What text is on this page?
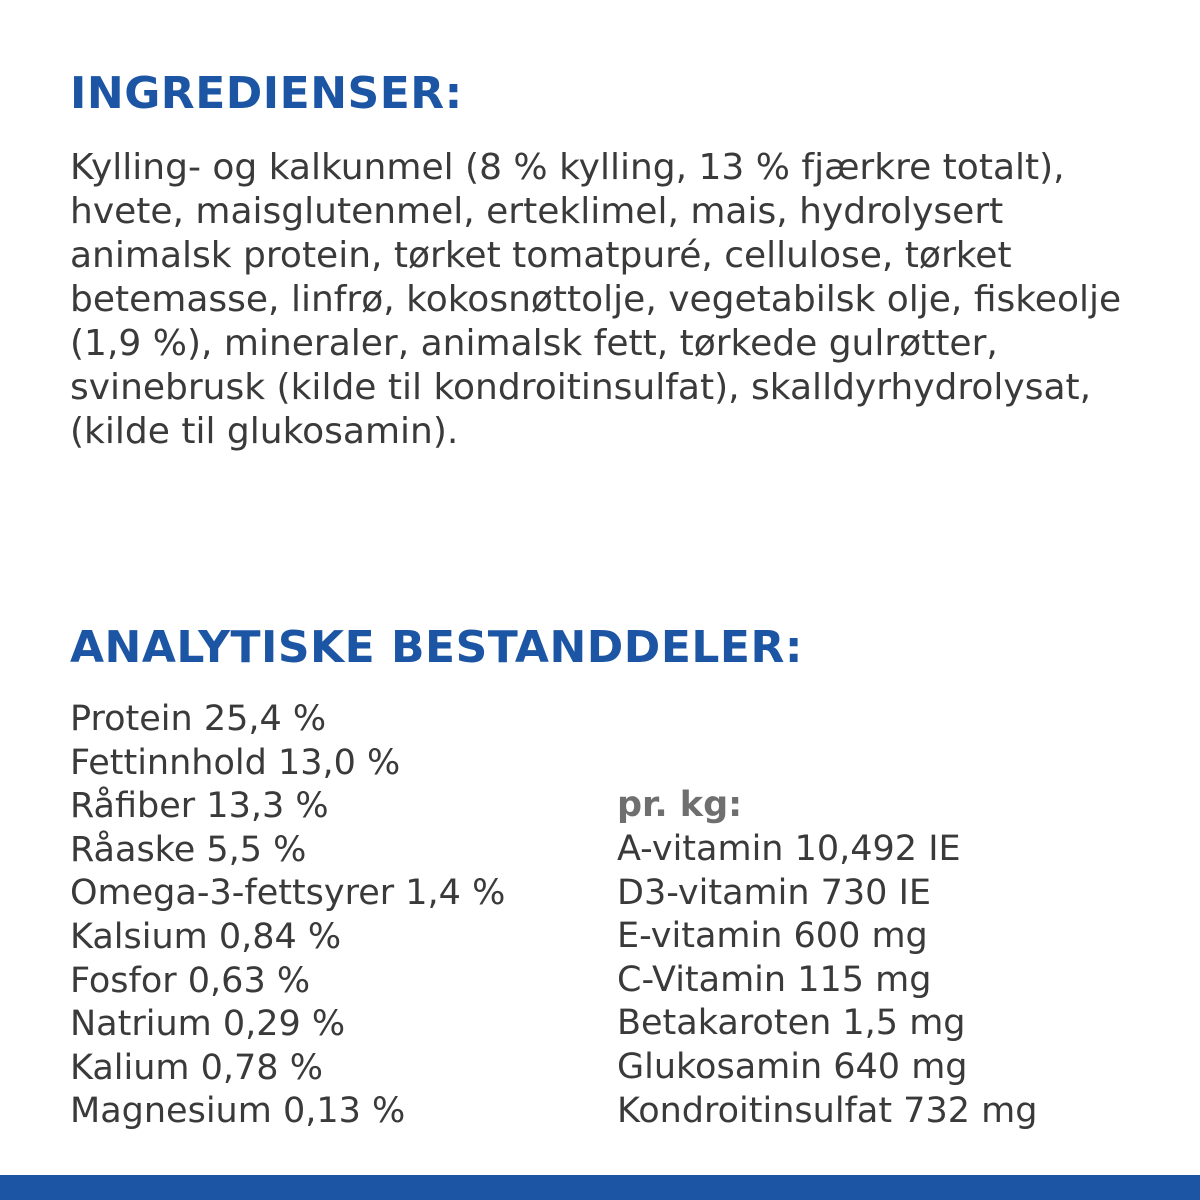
INGREDIENSER:

Kylling- og kalkunmel (8 % kylling, 13 % fjærkre totalt), hvete, maisglutenmel, erteklimel, mais, hydrolysert animalsk protein, tørket tomatpuré, cellulose, tørket betemasse, linfrø, kokosnøttolje, vegetabilsk olje, fiskeolje (1,9 %), mineraler, animalsk fett, tørkede gulrøtter, svinebrusk (kilde til kondroitinsulfat), skalldyrhydrolysat, (kilde til glukosamin).

ANALYTISKE BESTANDDELER:
Protein 25,4 %
Fettinnhold 13,0 %
Råfiber 13,3 %
Råaske 5,5 %
Omega-3-fettsyrer 1,4 %
Kalsium 0,84 %
Fosfor 0,63 %
Natrium 0,29 %
Kalium 0,78 %
Magnesium 0,13 %

pr. kg:

A-vitamin 10,492 IE
D3-vitamin 730 IE
E-vitamin 600 mg
C-Vitamin 115 mg
Betakaroten 1,5 mg
Glukosamin 640 mg
Kondroitinsulfat 732 mg
